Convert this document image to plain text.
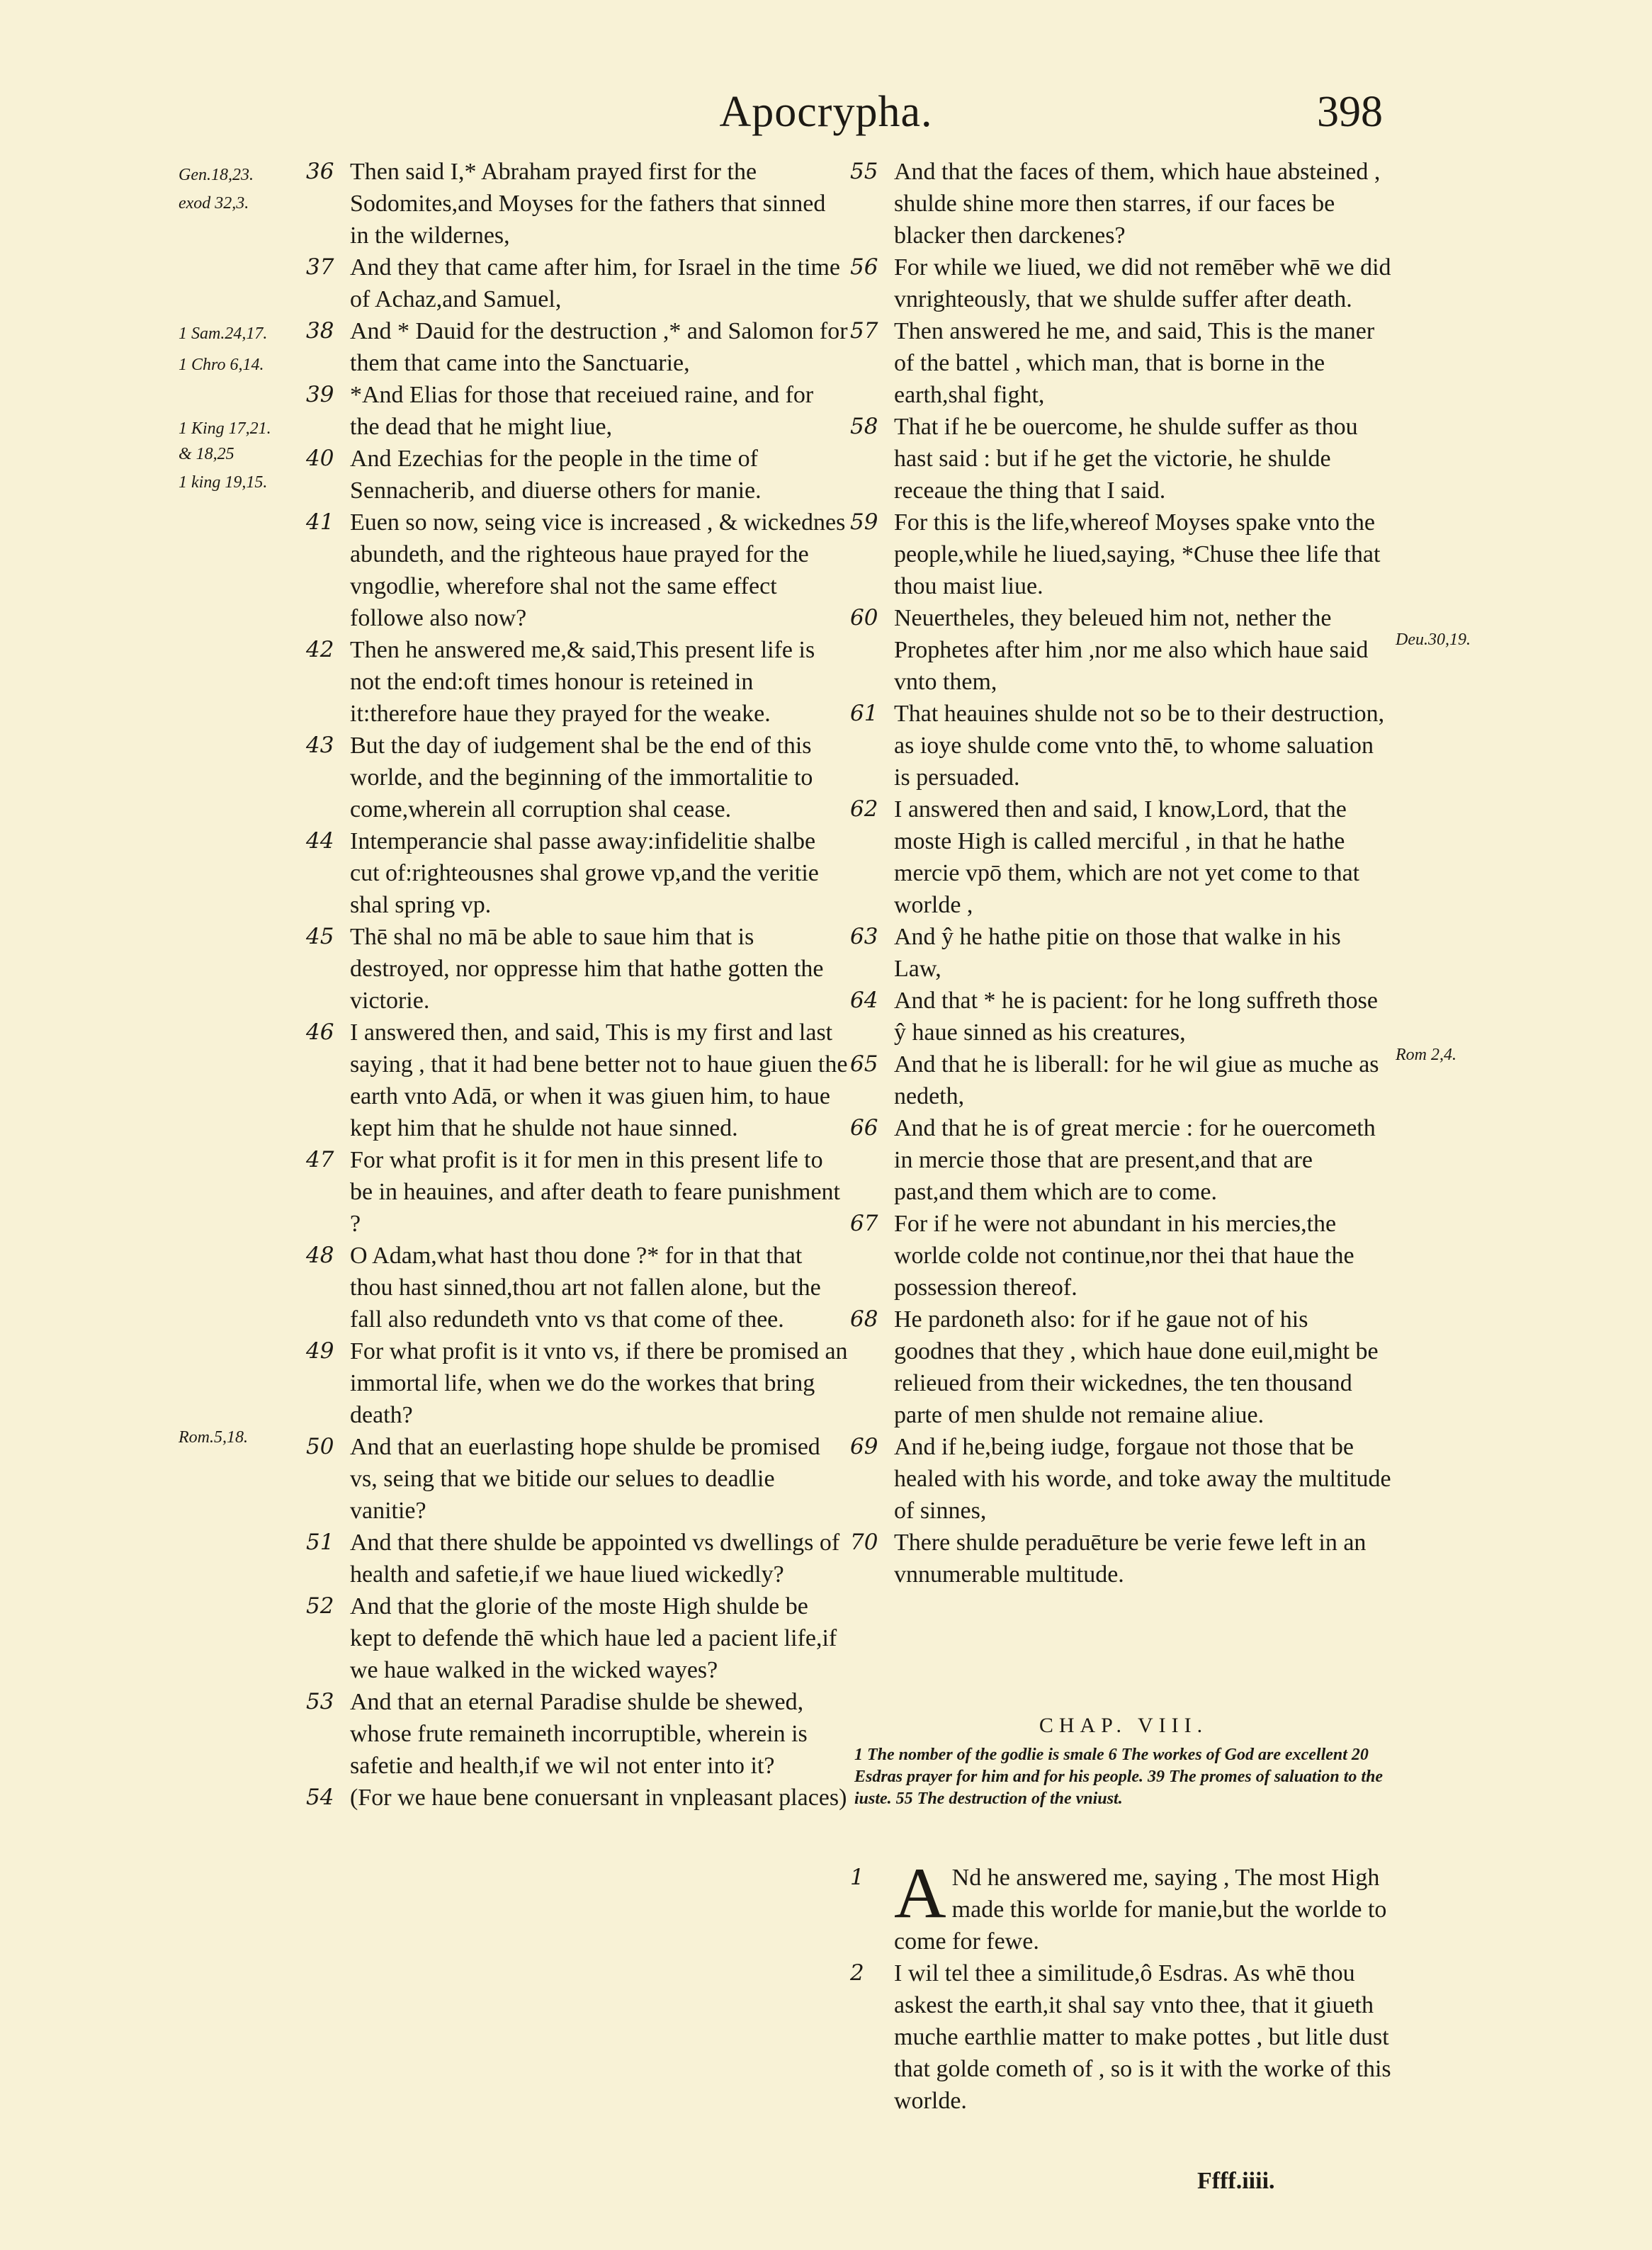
Apocrypha.	398
Gen.18,23.
exod 32,3.
1 Sam.24,17.
1 Chro 6,14.
1 King 17,21.
& 18,25
1 king 19,15.
Rom.5,18.
Deu.30,19.
Rom 2,4.
36 Then said I,* Abraham prayed first for the Sodomites,and Moyses for the fathers that sinned in the wildernes,
37 And they that came after him, for Israel in the time of Achaz,and Samuel,
38 And * Dauid for the destruction ,* and Salomon for them that came into the Sanctuarie,
39 *And Elias for those that receiued raine, and for the dead that he might liue,
40 And Ezechias for the people in the time of Sennacherib, and diuerse others for manie.
41 Euen so now, seing vice is increased , & wickednes abundeth, and the righteous haue prayed for the vngodlie, wherefore shal not the same effect followe also now?
42 Then he answered me,& said,This present life is not the end:oft times honour is reteined in it:therefore haue they prayed for the weake.
43 But the day of iudgement shal be the end of this worlde, and the beginning of the immortalitie to come,wherein all corruption shal cease.
44 Intemperancie shal passe away:infidelitie shalbe cut of:righteousnes shal growe vp,and the veritie shal spring vp.
45 Thē shal no mā be able to saue him that is destroyed, nor oppresse him that hathe gotten the victorie.
46 I answered then, and said, This is my first and last saying , that it had bene better not to haue giuen the earth vnto Adā, or when it was giuen him, to haue kept him that he shulde not haue sinned.
47 For what profit is it for men in this present life to be in heauines, and after death to feare punishment ?
48 O Adam,what hast thou done ?* for in that that thou hast sinned,thou art not fallen alone, but the fall also redundeth vnto vs that come of thee.
49 For what profit is it vnto vs, if there be promised an immortal life, when we do the workes that bring death?
50 And that an euerlasting hope shulde be promised vs, seing that we bitide our selues to deadlie vanitie?
51 And that there shulde be appointed vs dwellings of health and safetie,if we haue liued wickedly?
52 And that the glorie of the moste High shulde be kept to defende thē which haue led a pacient life,if we haue walked in the wicked wayes?
53 And that an eternal Paradise shulde be shewed, whose frute remaineth incorruptible, wherein is safetie and health,if we wil not enter into it?
54 (For we haue bene conuersant in vnpleasant places)
55 And that the faces of them, which haue absteined , shulde shine more then starres, if our faces be blacker then darckenes?
56 For while we liued, we did not remēber whē we did vnrighteously, that we shulde suffer after death.
57 Then answered he me, and said, This is the maner of the battel , which man, that is borne in the earth,shal fight,
58 That if he be ouercome, he shulde suffer as thou hast said : but if he get the victorie, he shulde receaue the thing that I said.
59 For this is the life,whereof Moyses spake vnto the people,while he liued,saying, *Chuse thee life that thou maist liue.
60 Neuertheles, they beleued him not, nether the Prophetes after him ,nor me also which haue said vnto them,
61 That heauines shulde not so be to their destruction, as ioye shulde come vnto thē, to whome saluation is persuaded.
62 I answered then and said, I know,Lord, that the moste High is called merciful , in that he hathe mercie vpō them, which are not yet come to that worlde ,
63 And ŷ he hathe pitie on those that walke in his Law,
64 And that * he is pacient: for he long suffreth those ŷ haue sinned as his creatures,
65 And that he is liberall: for he wil giue as muche as nedeth,
66 And that he is of great mercie : for he ouercometh in mercie those that are present,and that are past,and them which are to come.
67 For if he were not abundant in his mercies,the worlde colde not continue,nor thei that haue the possession thereof.
68 He pardoneth also: for if he gaue not of his goodnes that they , which haue done euil,might be relieued from their wickednes, the ten thousand parte of men shulde not remaine aliue.
69 And if he,being iudge, forgaue not those that be healed with his worde, and toke away the multitude of sinnes,
70 There shulde peraduēture be verie fewe left in an vnnumerable multitude.
CHAP. VIII.
1 The nomber of the godlie is smale 6 The workes of God are excellent 20 Esdras prayer for him and for his people. 39 The promes of saluation to the iuste. 55 The destruction of the vniust.
1 A Nd he answered me, saying , The most High made this worlde for manie,but the worlde to come for fewe.
2	I wil tel thee a similitude,ô Esdras. As whē thou askest the earth,it shal say vnto thee, that it giueth muche earthlie matter to make pottes , but litle dust that golde cometh of , so is it with the worke of this worlde.
Ffff.iiii.
